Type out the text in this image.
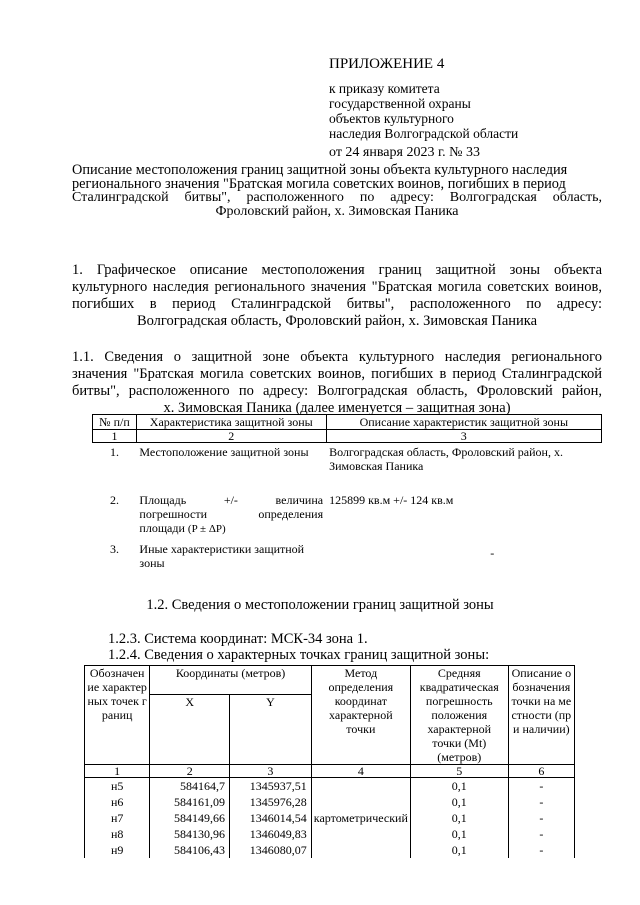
ПРИЛОЖЕНИЕ 4
к приказу комитета
государственной охраны
объектов культурного
наследия Волгоградской области
от 24 января 2023 г. № 33
Описание местоположения границ защитной зоны объекта культурного наследия
регионального значения "Братская могила советских воинов, погибших в период
Сталинградской битвы", расположенного по адресу: Волгоградская область,
Фроловский район, х. Зимовская Паника
1. Графическое описание местоположения границ защитной зоны объекта
культурного наследия регионального значения "Братская могила советских воинов,
погибших в период Сталинградской битвы", расположенного по адресу:
Волгоградская область, Фроловский район, х. Зимовская Паника
1.1. Сведения о защитной зоне объекта культурного наследия регионального
значения "Братская могила советских воинов, погибших в период Сталинградской
битвы", расположенного по адресу: Волгоградская область, Фроловский район,
х. Зимовская Паника (далее именуется – защитная зона)
№ п/п	Характеристика защитной зоны	Описание характеристик защитной зоны
1	2	3
1.	Местоположение защитной зоны	Волгоградская область, Фроловский район, х. Зимовская Паника
2.	Площадь +/- величина погрешности определения площади (P ± ΔP)	125899 кв.м +/- 124 кв.м
3.	Иные характеристики защитной зоны	-
1.2. Сведения о местоположении границ защитной зоны
1.2.3. Система координат: МСК-34 зона 1.
1.2.4. Сведения о характерных точках границ защитной зоны:
Обозначение характерных точек границ	Координаты (метров)		Метод определения координат характерной точки	Средняя квадратическая погрешность положения характерной точки (Mt) (метров)	Описание обозначения точки на местности (при наличии)
	X	Y			
1	2	3	4	5	6
н5	584164,7	1345937,51	картометрический	0,1	-
н6	584161,09	1345976,28		0,1	-
н7	584149,66	1346014,54		0,1	-
н8	584130,96	1346049,83		0,1	-
н9	584106,43	1346080,07		0,1	-
